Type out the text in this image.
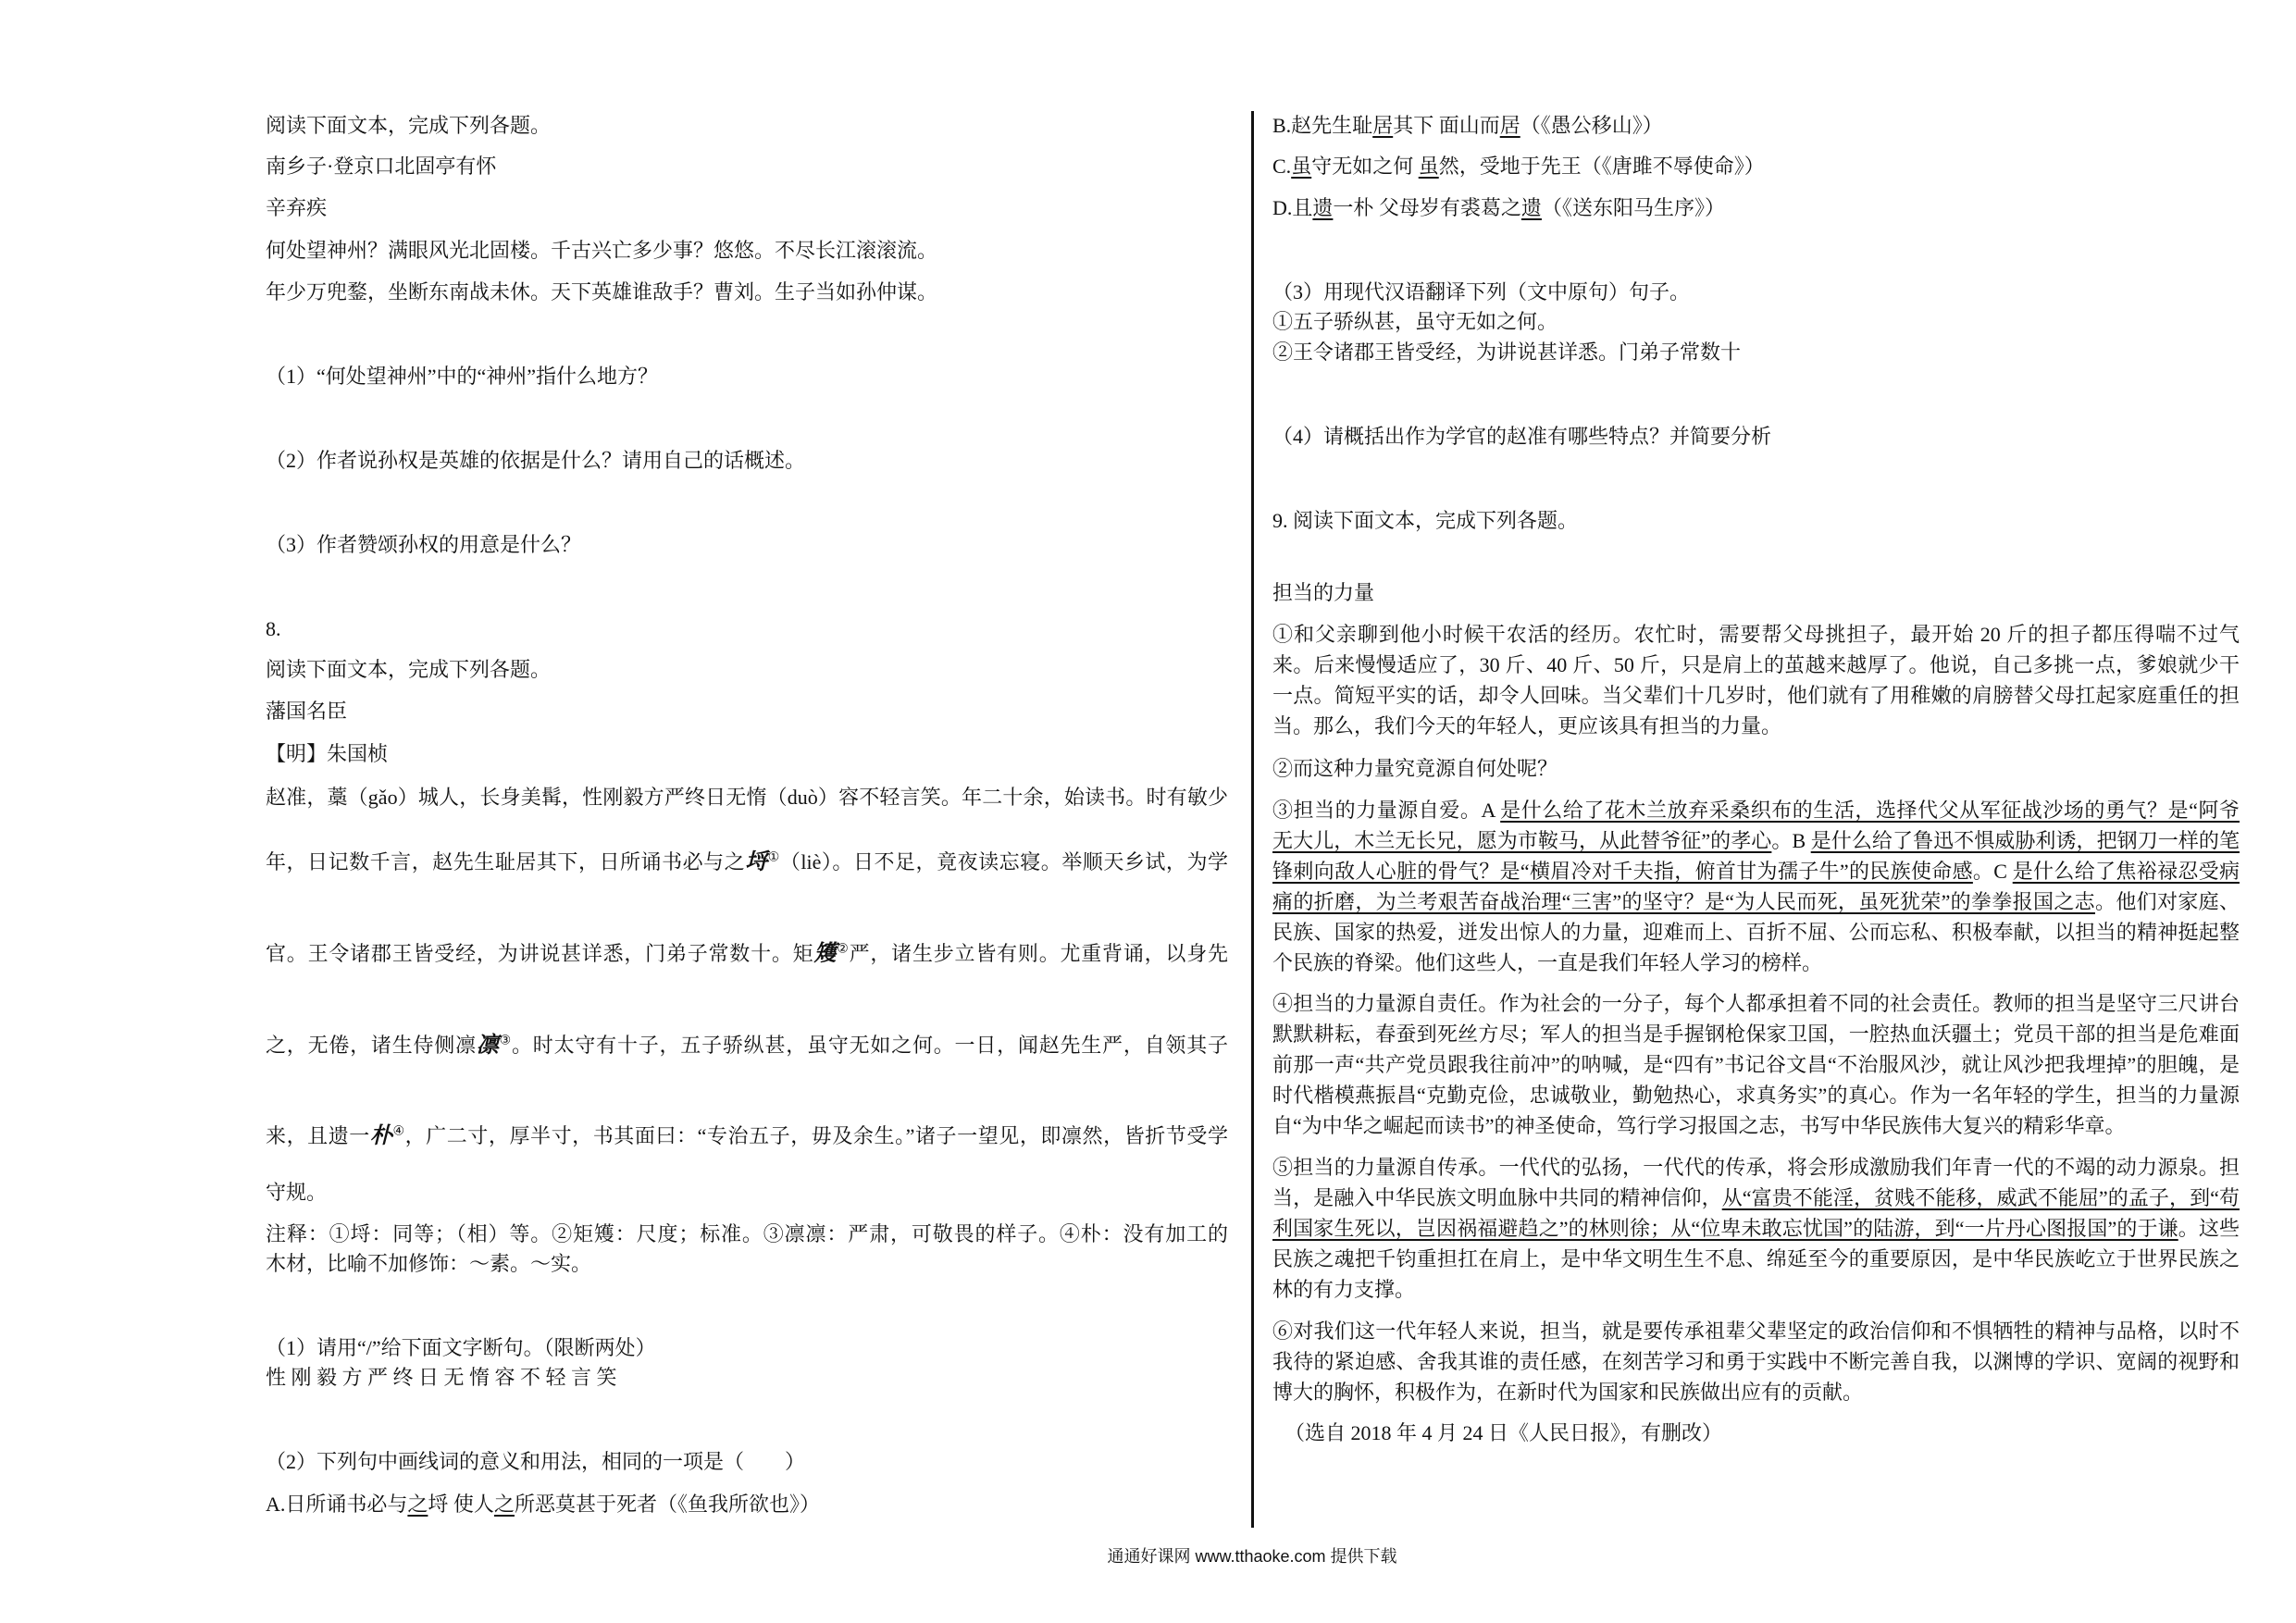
阅读下面文本，完成下列各题。
南乡子·登京口北固亭有怀
辛弃疾
何处望神州？满眼风光北固楼。千古兴亡多少事？悠悠。不尽长江滚滚流。
年少万兜鍪，坐断东南战未休。天下英雄谁敌手？曹刘。生子当如孙仲谋。
（1）“何处望神州”中的“神州”指什么地方？
（2）作者说孙权是英雄的依据是什么？请用自己的话概述。
（3）作者赞颂孙权的用意是什么？
8.
阅读下面文本，完成下列各题。
藩国名臣
【明】朱国桢
赵准，藁（gǎo）城人，长身美髯，性刚毅方严终日无惰（duò）容不轻言笑。年二十余，始读书。时有敏少
年，日记数千言，赵先生耻居其下，日所诵书必与之埒①（liè）。日不足，竟夜读忘寝。举顺天乡试，为学
官。王令诸郡王皆受经，为讲说甚详悉，门弟子常数十。矩矱②严，诸生步立皆有则。尤重背诵，以身先
之，无倦，诸生侍侧凛凛③。时太守有十子，五子骄纵甚，虽守无如之何。一日，闻赵先生严，自领其子
来，且遗一朴④，广二寸，厚半寸，书其面曰：“专治五子，毋及余生。”诸子一望见，即凛然，皆折节受学
守规。
注释：①埒：同等；（相）等。②矩矱：尺度；标准。③凛凛：严肃，可敬畏的样子。④朴：没有加工的
木材，比喻不加修饰：～素。～实。
（1）请用“/”给下面文字断句。（限断两处）
性 刚 毅 方 严 终 日 无 惰 容 不 轻 言 笑
（2）下列句中画线词的意义和用法，相同的一项是（　　）
A.日所诵书必与之埒 使人之所恶莫甚于死者（《鱼我所欲也》）
B.赵先生耻居其下 面山而居（《愚公移山》）
C.虽守无如之何 虽然，受地于先王（《唐雎不辱使命》）
D.且遗一朴 父母岁有裘葛之遗（《送东阳马生序》）
（3）用现代汉语翻译下列（文中原句）句子。
①五子骄纵甚，虽守无如之何。
②王令诸郡王皆受经，为讲说甚详悉。门弟子常数十
（4）请概括出作为学官的赵准有哪些特点？并简要分析
9. 阅读下面文本，完成下列各题。
担当的力量
①和父亲聊到他小时候干农活的经历。农忙时，需要帮父母挑担子，最开始 20 斤的担子都压得喘不过气
来。后来慢慢适应了，30 斤、40 斤、50 斤，只是肩上的茧越来越厚了。他说，自己多挑一点，爹娘就少干
一点。简短平实的话，却令人回味。当父辈们十几岁时，他们就有了用稚嫩的肩膀替父母扛起家庭重任的担
当。那么，我们今天的年轻人，更应该具有担当的力量。
②而这种力量究竟源自何处呢？
③担当的力量源自爱。A 是什么给了花木兰放弃采桑织布的生活，选择代父从军征战沙场的勇气？是“阿爷
无大儿，木兰无长兄，愿为市鞍马，从此替爷征”的孝心。B 是什么给了鲁迅不惧威胁利诱，把钢刀一样的笔
锋刺向敌人心脏的骨气？是“横眉冷对千夫指，俯首甘为孺子牛”的民族使命感。C 是什么给了焦裕禄忍受病
痛的折磨，为兰考艰苦奋战治理“三害”的坚守？是“为人民而死，虽死犹荣”的拳拳报国之志。他们对家庭、
民族、国家的热爱，迸发出惊人的力量，迎难而上、百折不屈、公而忘私、积极奉献，以担当的精神挺起整
个民族的脊梁。他们这些人，一直是我们年轻人学习的榜样。
④担当的力量源自责任。作为社会的一分子，每个人都承担着不同的社会责任。教师的担当是坚守三尺讲台
默默耕耘，春蚕到死丝方尽；军人的担当是手握钢枪保家卫国，一腔热血沃疆土；党员干部的担当是危难面
前那一声“共产党员跟我往前冲”的呐喊，是“四有”书记谷文昌“不治服风沙，就让风沙把我埋掉”的胆魄，是
时代楷模燕振昌“克勤克俭，忠诚敬业，勤勉热心，求真务实”的真心。作为一名年轻的学生，担当的力量源
自“为中华之崛起而读书”的神圣使命，笃行学习报国之志，书写中华民族伟大复兴的精彩华章。
⑤担当的力量源自传承。一代代的弘扬，一代代的传承，将会形成激励我们年青一代的不竭的动力源泉。担
当，是融入中华民族文明血脉中共同的精神信仰，从“富贵不能淫，贫贱不能移，威武不能屈”的孟子，到“苟
利国家生死以，岂因祸福避趋之”的林则徐；从“位卑未敢忘忧国”的陆游，到“一片丹心图报国”的于谦。这些
民族之魂把千钧重担扛在肩上，是中华文明生生不息、绵延至今的重要原因，是中华民族屹立于世界民族之
林的有力支撑。
⑥对我们这一代年轻人来说，担当，就是要传承祖辈父辈坚定的政治信仰和不惧牺牲的精神与品格，以时不
我待的紧迫感、舍我其谁的责任感，在刻苦学习和勇于实践中不断完善自我，以渊博的学识、宽阔的视野和
博大的胸怀，积极作为，在新时代为国家和民族做出应有的贡献。
（选自 2018 年 4 月 24 日《人民日报》，有删改）
通通好课网 www.tthaoke.com 提供下载
